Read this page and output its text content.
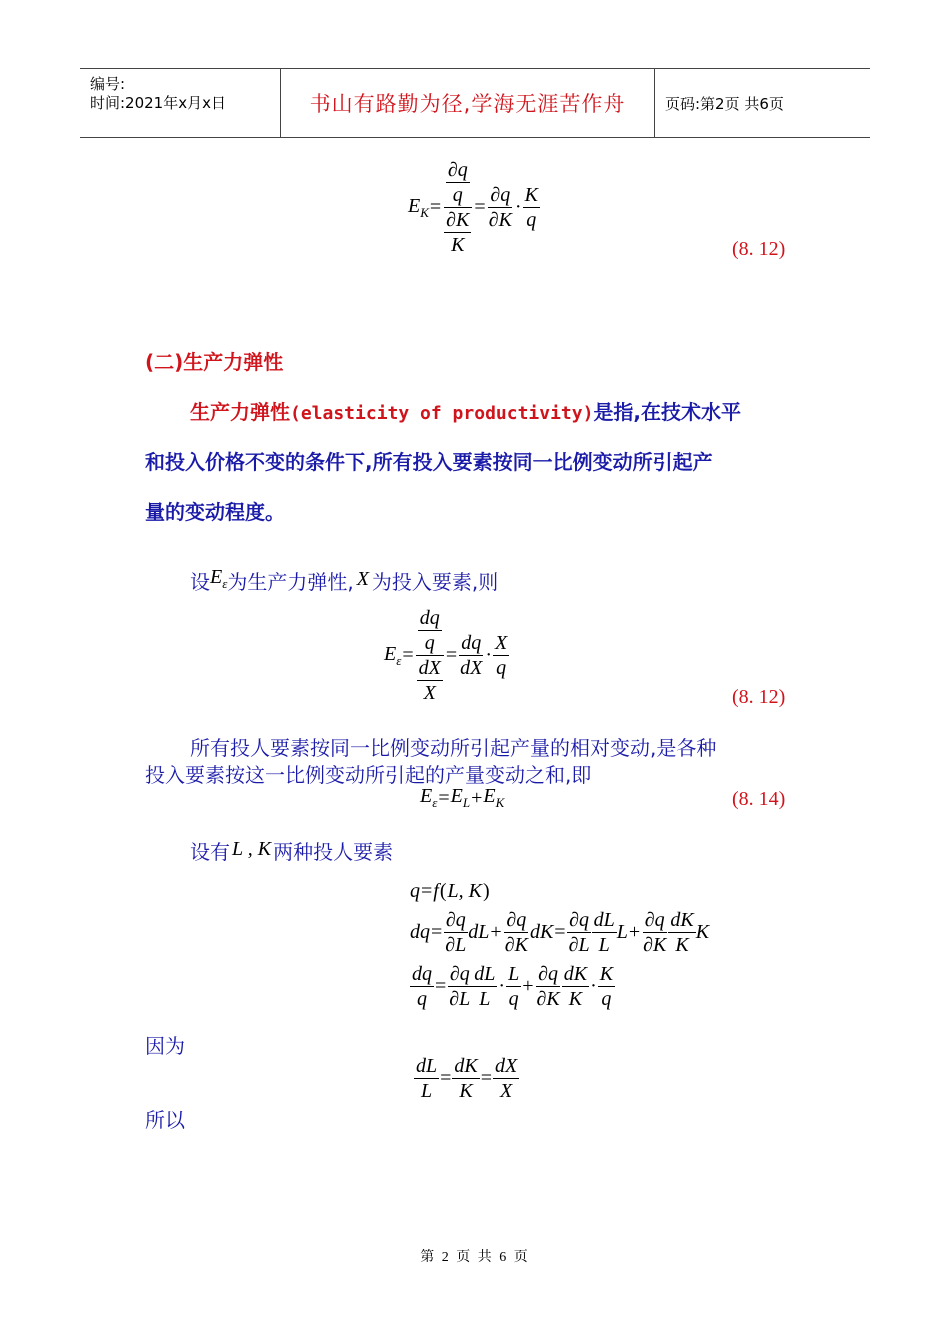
编号:
时间:2021年x月x日	书山有路勤为径,学海无涯苦作舟	页码:第2页 共6页
$E_K = \frac{\frac{\partial q}{q}}{\frac{\partial K}{K}} = \frac{\partial q}{\partial K} \cdot \frac{K}{q}$
(8. 12)
(二)生产力弹性
生产力弹性(elasticity of productivity)是指,在技术水平
和投入价格不变的条件下,所有投入要素按同一比例变动所引起产
量的变动程度。
设$E_\varepsilon$为生产力弹性, X 为投入要素,则
$E_\varepsilon = \frac{\frac{dq}{q}}{\frac{dX}{X}} = \frac{dq}{dX} \cdot \frac{X}{q}$
(8. 12)
所有投人要素按同一比例变动所引起产量的相对变动,是各种
投入要素按这一比例变动所引起的产量变动之和,即
$E_\varepsilon = E_L + E_K$	(8. 14)
设有 L , K 两种投人要素
q=f(L, K)
dq = $\frac{\partial q}{\partial L}$ dL + $\frac{\partial q}{\partial K}$ dK = $\frac{\partial q}{\partial L} \frac{dL}{L}$ $L + \frac{\partial q}{\partial K} \frac{dK}{K}$ K
$\frac{dq}{q} = \frac{\partial q}{\partial L} \frac{dL}{L} \cdot \frac{L}{q} + \frac{\partial q}{\partial K} \frac{dK}{K} \cdot \frac{K}{q}$
因为
$\frac{dL}{L} = \frac{dK}{K} = \frac{dX}{X}$
所以
第 2 页 共 6 页
